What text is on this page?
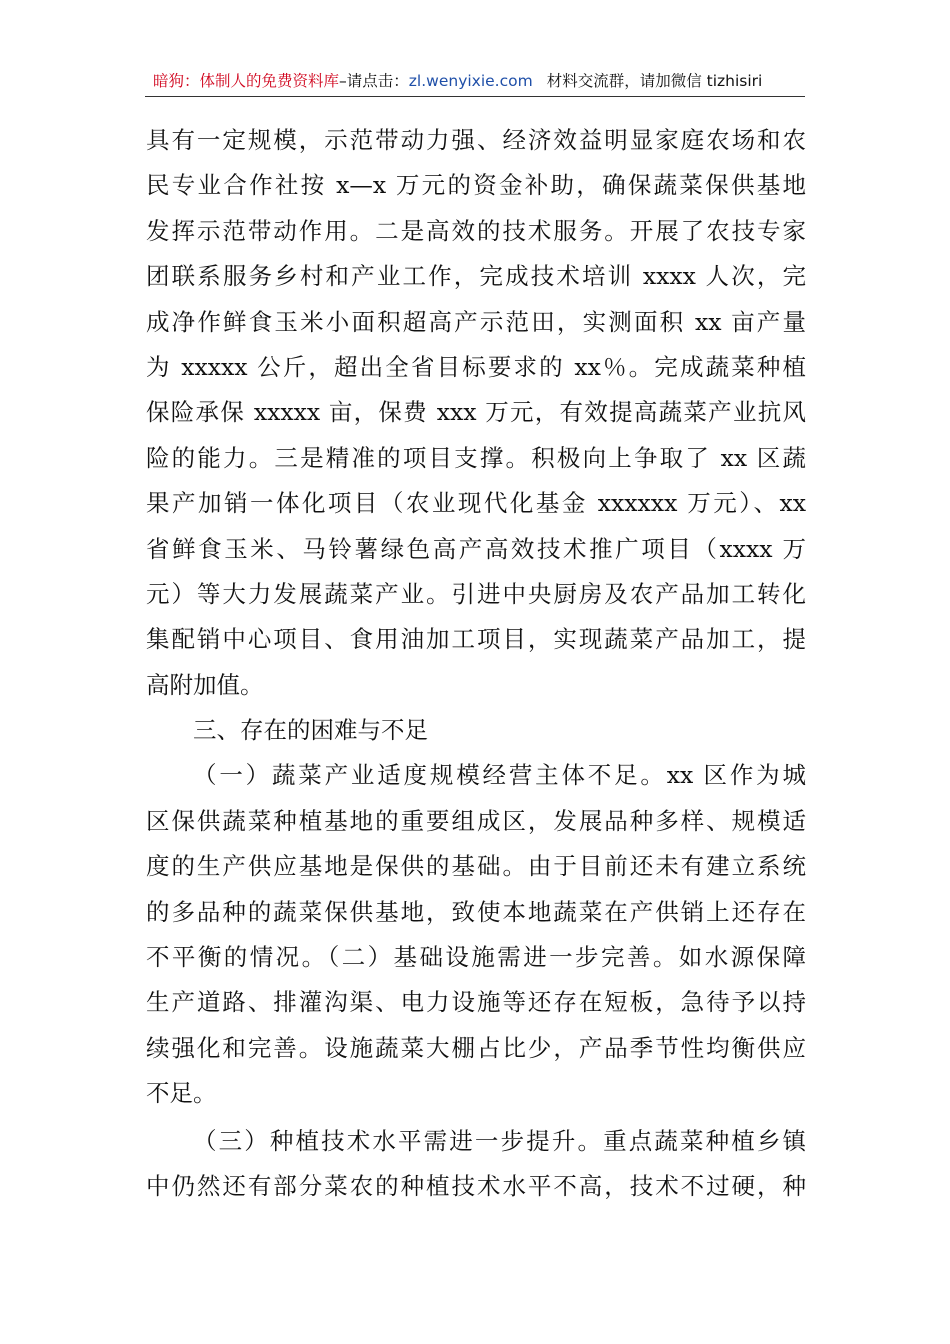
暗狗：体制人的免费资料库–请点击：zl.wenyixie.com 材料交流群，请加微信 tizhisiri
具有一定规模，示范带动力强、经济效益明显家庭农场和农
民专业合作社按 x—x 万元的资金补助，确保蔬菜保供基地
发挥示范带动作用。二是高效的技术服务。开展了农技专家
团联系服务乡村和产业工作，完成技术培训 xxxx 人次，完
成净作鲜食玉米小面积超高产示范田，实测面积 xx 亩产量
为 xxxxx 公斤，超出全省目标要求的 xx％。完成蔬菜种植
保险承保 xxxxx 亩，保费 xxx 万元，有效提高蔬菜产业抗风
险的能力。三是精准的项目支撑。积极向上争取了 xx 区蔬
果产加销一体化项目（农业现代化基金 xxxxxx 万元）、xx
省鲜食玉米、马铃薯绿色高产高效技术推广项目（xxxx 万
元）等大力发展蔬菜产业。引进中央厨房及农产品加工转化
集配销中心项目、食用油加工项目，实现蔬菜产品加工，提
高附加值。
三、存在的困难与不足
（一）蔬菜产业适度规模经营主体不足。xx 区作为城
区保供蔬菜种植基地的重要组成区，发展品种多样、规模适
度的生产供应基地是保供的基础。由于目前还未有建立系统
的多品种的蔬菜保供基地，致使本地蔬菜在产供销上还存在
不平衡的情况。（二）基础设施需进一步完善。如水源保障
生产道路、排灌沟渠、电力设施等还存在短板，急待予以持
续强化和完善。设施蔬菜大棚占比少，产品季节性均衡供应
不足。
（三）种植技术水平需进一步提升。重点蔬菜种植乡镇
中仍然还有部分菜农的种植技术水平不高，技术不过硬，种
